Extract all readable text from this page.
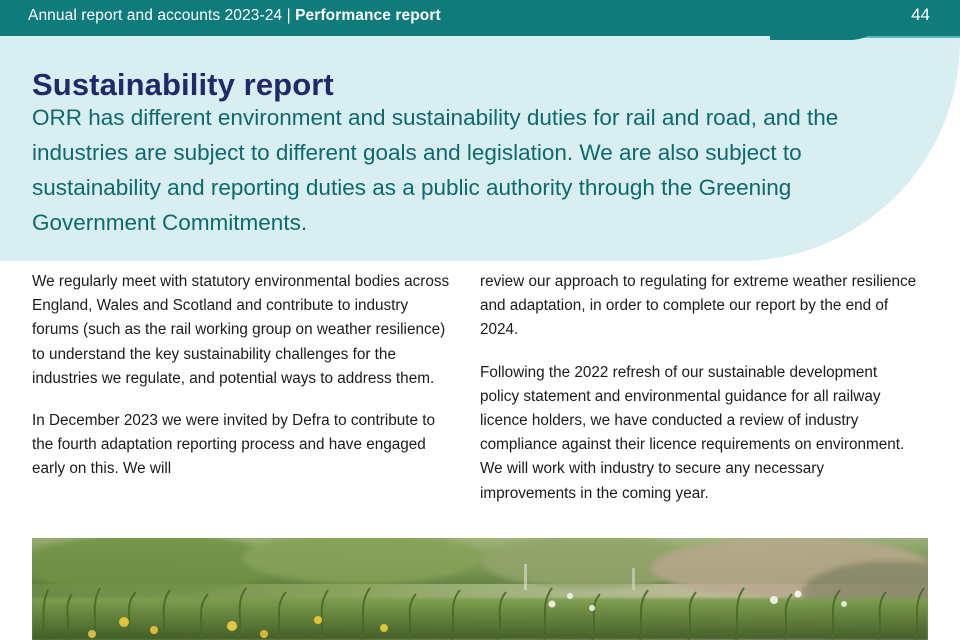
Annual report and accounts 2023-24 | Performance report	44
Sustainability report
ORR has different environment and sustainability duties for rail and road, and the industries are subject to different goals and legislation. We are also subject to sustainability and reporting duties as a public authority through the Greening Government Commitments.

We regularly meet with statutory environmental bodies across England, Wales and Scotland and contribute to industry forums (such as the rail working group on weather resilience) to understand the key sustainability challenges for the industries we regulate, and potential ways to address them.

In December 2023 we were invited by Defra to contribute to the fourth adaptation reporting process and have engaged early on this. We will

review our approach to regulating for extreme weather resilience and adaptation, in order to complete our report by the end of 2024.

Following the 2022 refresh of our sustainable development policy statement and environmental guidance for all railway licence holders, we have conducted a review of industry compliance against their licence requirements on environment. We will work with industry to secure any necessary improvements in the coming year.
